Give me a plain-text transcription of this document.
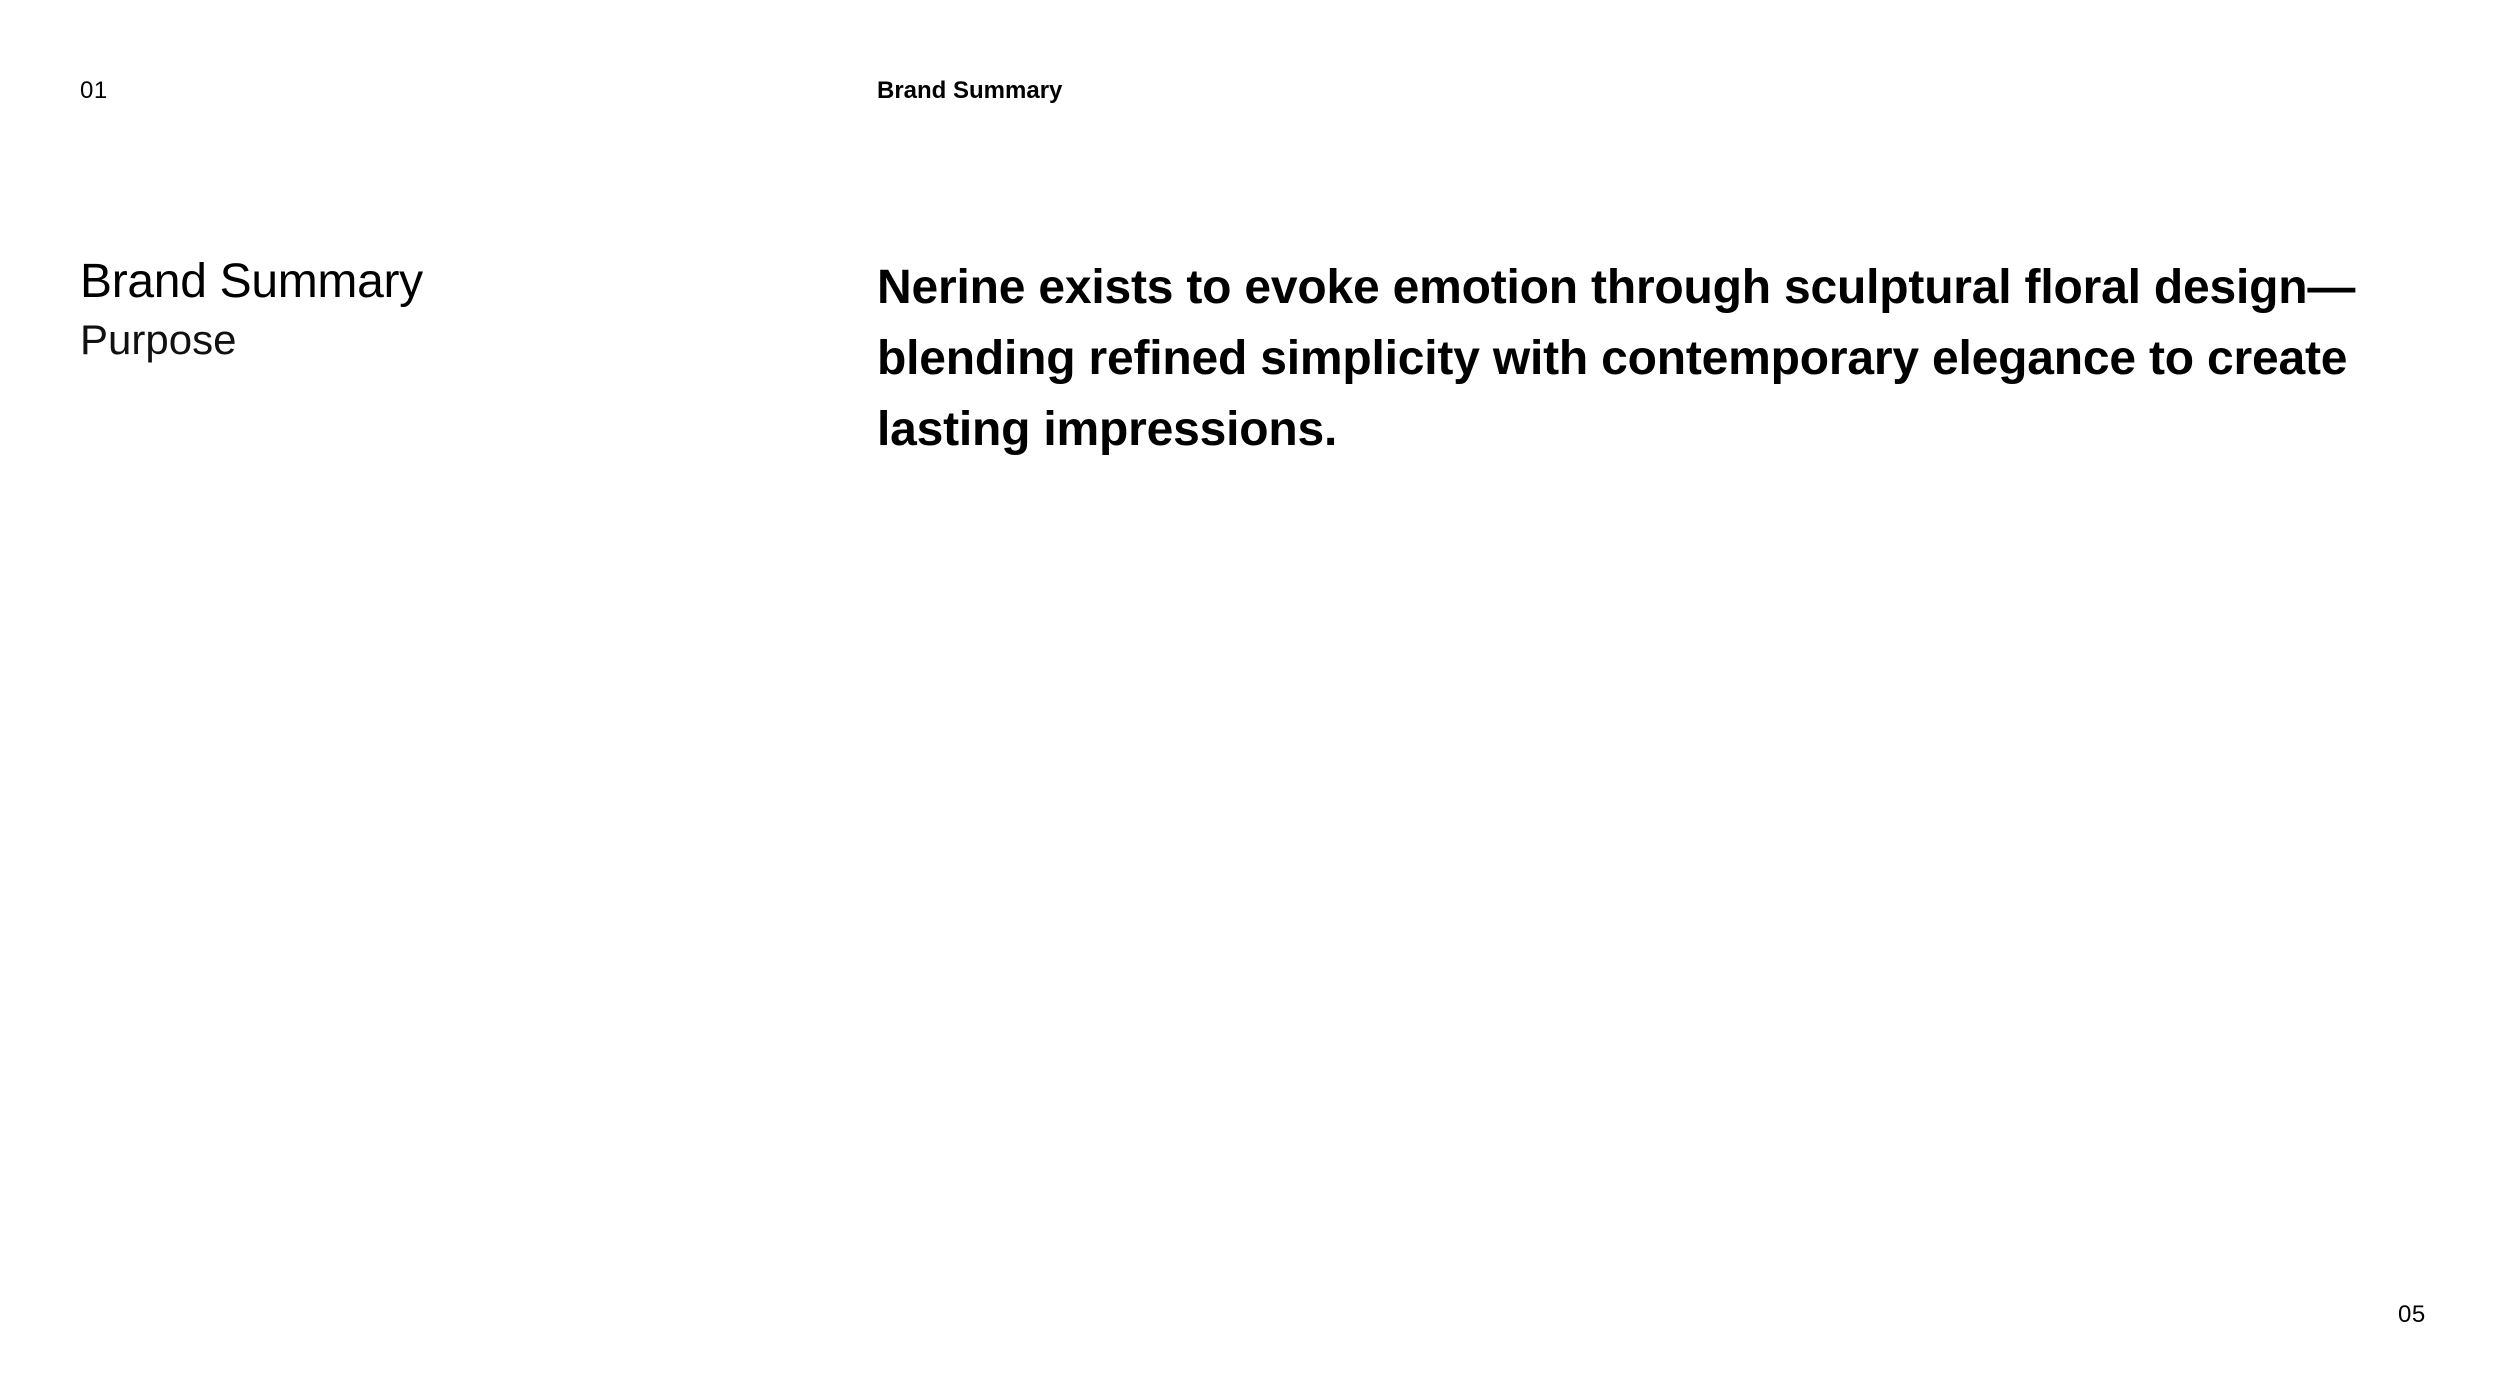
01	Brand Summary
Brand Summary
Purpose

Nerine exists to evoke emotion through sculptural floral design—blending refined simplicity with contemporary elegance to create lasting impressions.

05
